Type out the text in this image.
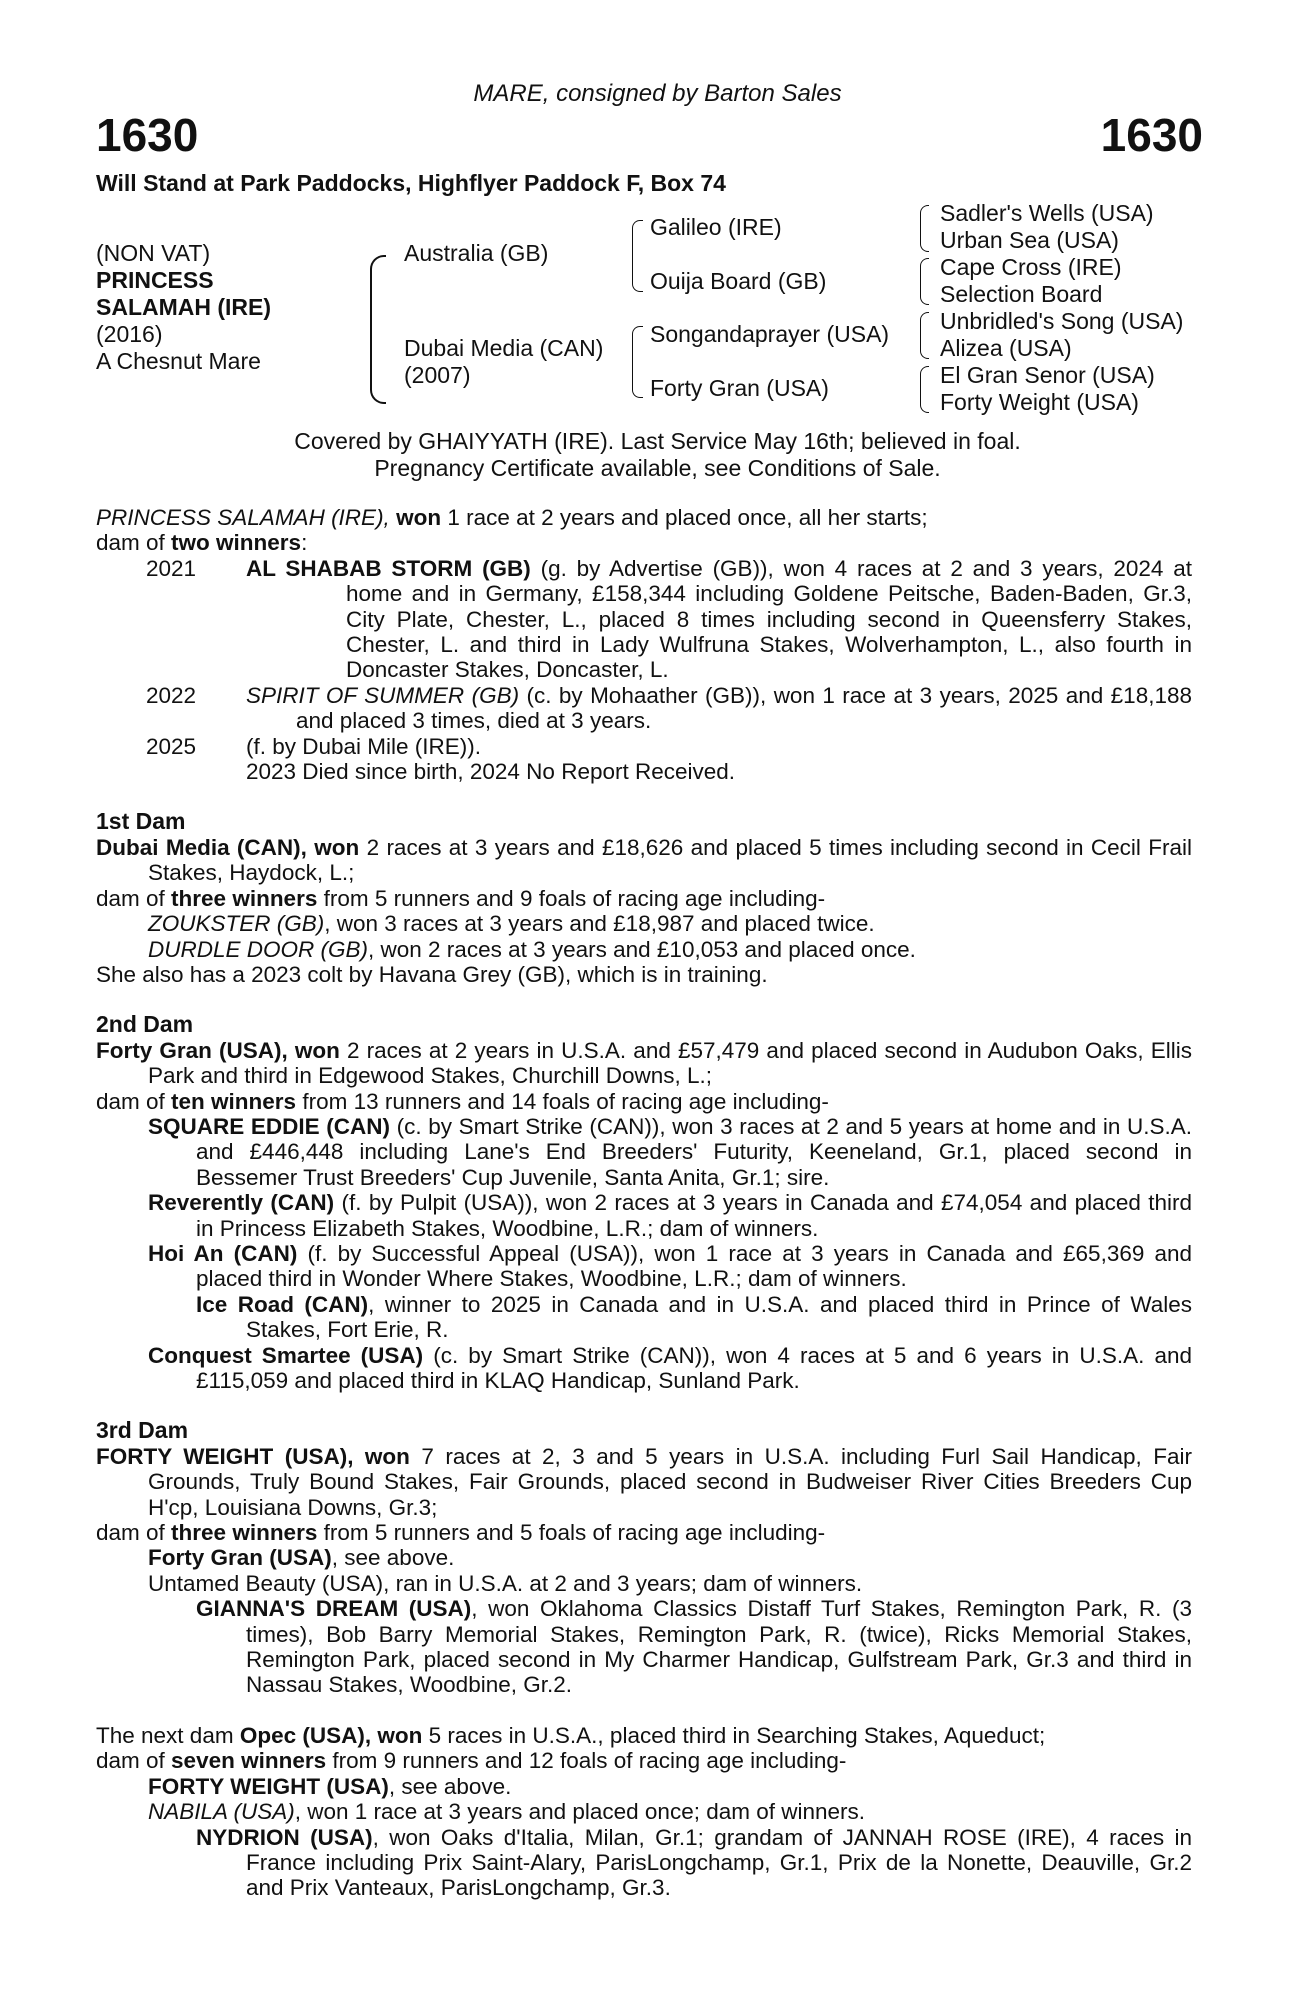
MARE, consigned by Barton Sales
1630	1630
Will Stand at Park Paddocks, Highflyer Paddock F, Box 74
(NON VAT)
PRINCESS
SALAMAH (IRE)
(2016)
A Chesnut Mare
Australia (GB)
Dubai Media (CAN)
(2007)
Galileo (IRE)
Ouija Board (GB)
Songandaprayer (USA)
Forty Gran (USA)
Sadler's Wells (USA)
Urban Sea (USA)
Cape Cross (IRE)
Selection Board
Unbridled's Song (USA)
Alizea (USA)
El Gran Senor (USA)
Forty Weight (USA)
Covered by GHAIYYATH (IRE). Last Service May 16th; believed in foal.
Pregnancy Certificate available, see Conditions of Sale.

PRINCESS SALAMAH (IRE), won 1 race at 2 years and placed once, all her starts;

dam of two winners:

2021	AL SHABAB STORM (GB) (g. by Advertise (GB)), won 4 races at 2 and 3 years, 2024 at home and in Germany, £158,344 including Goldene Peitsche, Baden-Baden, Gr.3, City Plate, Chester, L., placed 8 times including second in Queensferry Stakes, Chester, L. and third in Lady Wulfruna Stakes, Wolverhampton, L., also fourth in Doncaster Stakes, Doncaster, L.
2022	SPIRIT OF SUMMER (GB) (c. by Mohaather (GB)), won 1 race at 3 years, 2025 and £18,188 and placed 3 times, died at 3 years.
2025	(f. by Dubai Mile (IRE)).
2023 Died since birth, 2024 No Report Received.

1st Dam

Dubai Media (CAN), won 2 races at 3 years and £18,626 and placed 5 times including second in Cecil Frail Stakes, Haydock, L.;

dam of three winners from 5 runners and 9 foals of racing age including-

ZOUKSTER (GB), won 3 races at 3 years and £18,987 and placed twice.

DURDLE DOOR (GB), won 2 races at 3 years and £10,053 and placed once.

She also has a 2023 colt by Havana Grey (GB), which is in training.

2nd Dam

Forty Gran (USA), won 2 races at 2 years in U.S.A. and £57,479 and placed second in Audubon Oaks, Ellis Park and third in Edgewood Stakes, Churchill Downs, L.;

dam of ten winners from 13 runners and 14 foals of racing age including-

SQUARE EDDIE (CAN) (c. by Smart Strike (CAN)), won 3 races at 2 and 5 years at home and in U.S.A. and £446,448 including Lane's End Breeders' Futurity, Keeneland, Gr.1, placed second in Bessemer Trust Breeders' Cup Juvenile, Santa Anita, Gr.1; sire.

Reverently (CAN) (f. by Pulpit (USA)), won 2 races at 3 years in Canada and £74,054 and placed third in Princess Elizabeth Stakes, Woodbine, L.R.; dam of winners.

Hoi An (CAN) (f. by Successful Appeal (USA)), won 1 race at 3 years in Canada and £65,369 and placed third in Wonder Where Stakes, Woodbine, L.R.; dam of winners.

Ice Road (CAN), winner to 2025 in Canada and in U.S.A. and placed third in Prince of Wales Stakes, Fort Erie, R.

Conquest Smartee (USA) (c. by Smart Strike (CAN)), won 4 races at 5 and 6 years in U.S.A. and £115,059 and placed third in KLAQ Handicap, Sunland Park.

3rd Dam

FORTY WEIGHT (USA), won 7 races at 2, 3 and 5 years in U.S.A. including Furl Sail Handicap, Fair Grounds, Truly Bound Stakes, Fair Grounds, placed second in Budweiser River Cities Breeders Cup H'cp, Louisiana Downs, Gr.3;

dam of three winners from 5 runners and 5 foals of racing age including-

Forty Gran (USA), see above.

Untamed Beauty (USA), ran in U.S.A. at 2 and 3 years; dam of winners.

GIANNA'S DREAM (USA), won Oklahoma Classics Distaff Turf Stakes, Remington Park, R. (3 times), Bob Barry Memorial Stakes, Remington Park, R. (twice), Ricks Memorial Stakes, Remington Park, placed second in My Charmer Handicap, Gulfstream Park, Gr.3 and third in Nassau Stakes, Woodbine, Gr.2.

The next dam Opec (USA), won 5 races in U.S.A., placed third in Searching Stakes, Aqueduct;

dam of seven winners from 9 runners and 12 foals of racing age including-

FORTY WEIGHT (USA), see above.

NABILA (USA), won 1 race at 3 years and placed once; dam of winners.

NYDRION (USA), won Oaks d'Italia, Milan, Gr.1; grandam of JANNAH ROSE (IRE), 4 races in France including Prix Saint-Alary, ParisLongchamp, Gr.1, Prix de la Nonette, Deauville, Gr.2 and Prix Vanteaux, ParisLongchamp, Gr.3.
